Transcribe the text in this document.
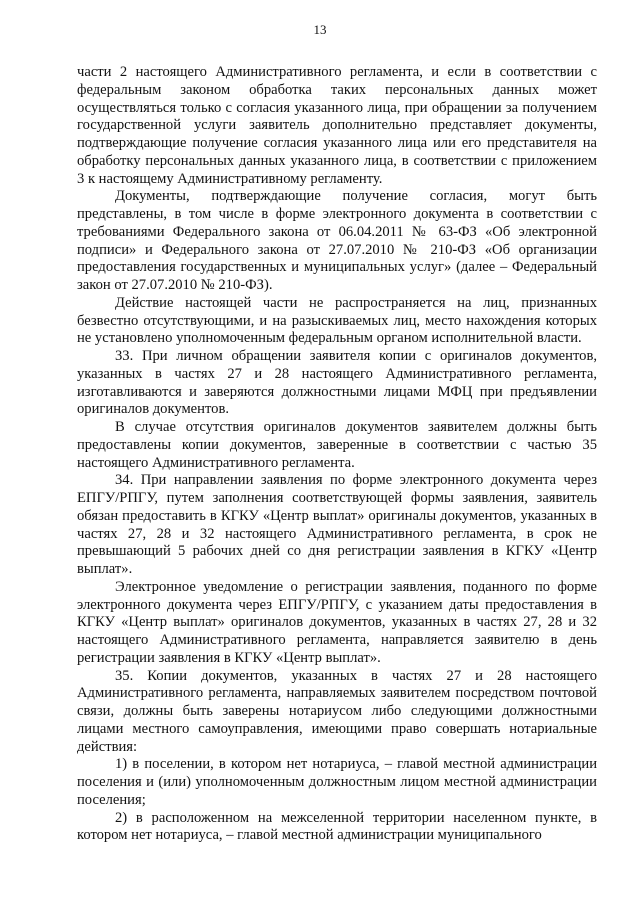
13

части 2 настоящего Административного регламента, и если в соответствии с федеральным законом обработка таких персональных данных может осуществляться только с согласия указанного лица, при обращении за получением государственной услуги заявитель дополнительно представляет документы, подтверждающие получение согласия указанного лица или его представителя на обработку персональных данных указанного лица, в соответствии с приложением 3 к настоящему Административному регламенту.

Документы, подтверждающие получение согласия, могут быть представлены, в том числе в форме электронного документа в соответствии с требованиями Федерального закона от 06.04.2011 № 63-ФЗ «Об электронной подписи» и Федерального закона от 27.07.2010 № 210-ФЗ «Об организации предоставления государственных и муниципальных услуг» (далее – Федеральный закон от 27.07.2010 № 210-ФЗ).

Действие настоящей части не распространяется на лиц, признанных безвестно отсутствующими, и на разыскиваемых лиц, место нахождения которых не установлено уполномоченным федеральным органом исполнительной власти.

33. При личном обращении заявителя копии с оригиналов документов, указанных в частях 27 и 28 настоящего Административного регламента, изготавливаются и заверяются должностными лицами МФЦ при предъявлении оригиналов документов.

В случае отсутствия оригиналов документов заявителем должны быть предоставлены копии документов, заверенные в соответствии с частью 35 настоящего Административного регламента.

34. При направлении заявления по форме электронного документа через ЕПГУ/РПГУ, путем заполнения соответствующей формы заявления, заявитель обязан предоставить в КГКУ «Центр выплат» оригиналы документов, указанных в частях 27, 28 и 32 настоящего Административного регламента, в срок не превышающий 5 рабочих дней со дня регистрации заявления в КГКУ «Центр выплат».

Электронное уведомление о регистрации заявления, поданного по форме электронного документа через ЕПГУ/РПГУ, с указанием даты предоставления в КГКУ «Центр выплат» оригиналов документов, указанных в частях 27, 28 и 32 настоящего Административного регламента, направляется заявителю в день регистрации заявления в КГКУ «Центр выплат».

35. Копии документов, указанных в частях 27 и 28 настоящего Административного регламента, направляемых заявителем посредством почтовой связи, должны быть заверены нотариусом либо следующими должностными лицами местного самоуправления, имеющими право совершать нотариальные действия:

1) в поселении, в котором нет нотариуса, – главой местной администрации поселения и (или) уполномоченным должностным лицом местной администрации поселения;

2) в расположенном на межселенной территории населенном пункте, в котором нет нотариуса, – главой местной администрации муниципального
